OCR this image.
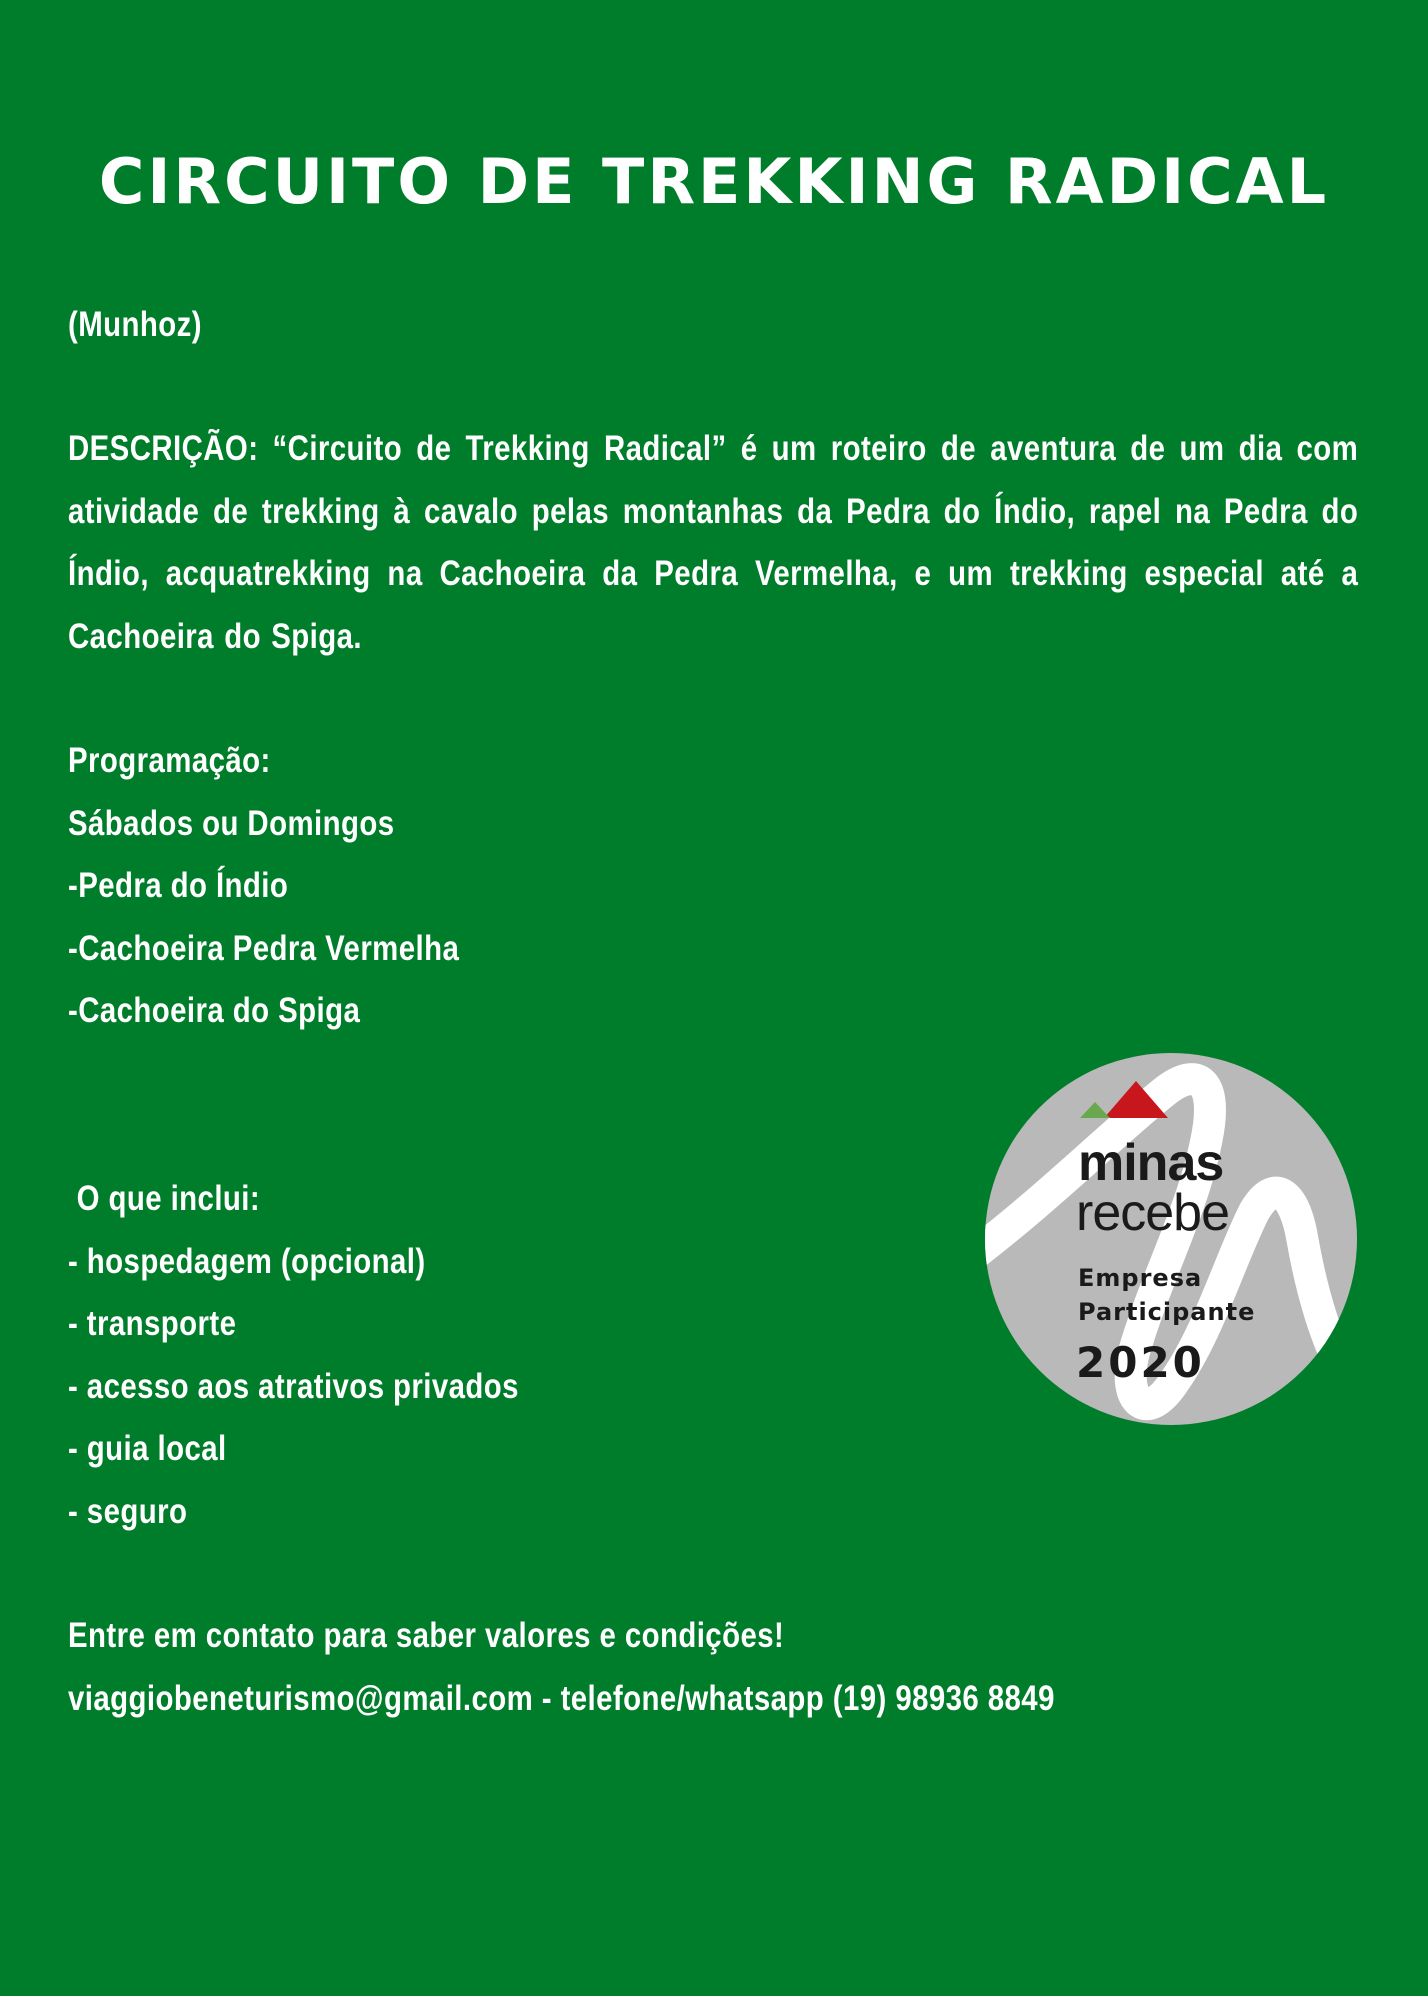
CIRCUITO DE TREKKING RADICAL

(Munhoz)

DESCRIÇÃO: “Circuito de Trekking Radical” é um roteiro de aventura de um dia com atividade de trekking à cavalo pelas montanhas da Pedra do Índio, rapel na Pedra do Índio, acquatrekking na Cachoeira da Pedra Vermelha, e um trekking especial até a Cachoeira do Spiga.

Programação:
Sábados ou Domingos
-Pedra do Índio
-Cachoeira Pedra Vermelha
-Cachoeira do Spiga
O que inclui:
- hospedagem (opcional)
- transporte
- acesso aos atrativos privados
- guia local
- seguro
Entre em contato para saber valores e condições!
viaggiobeneturismo@gmail.com - telefone/whatsapp (19) 98936 8849
minas
recebe
Empresa
Participante
2020
